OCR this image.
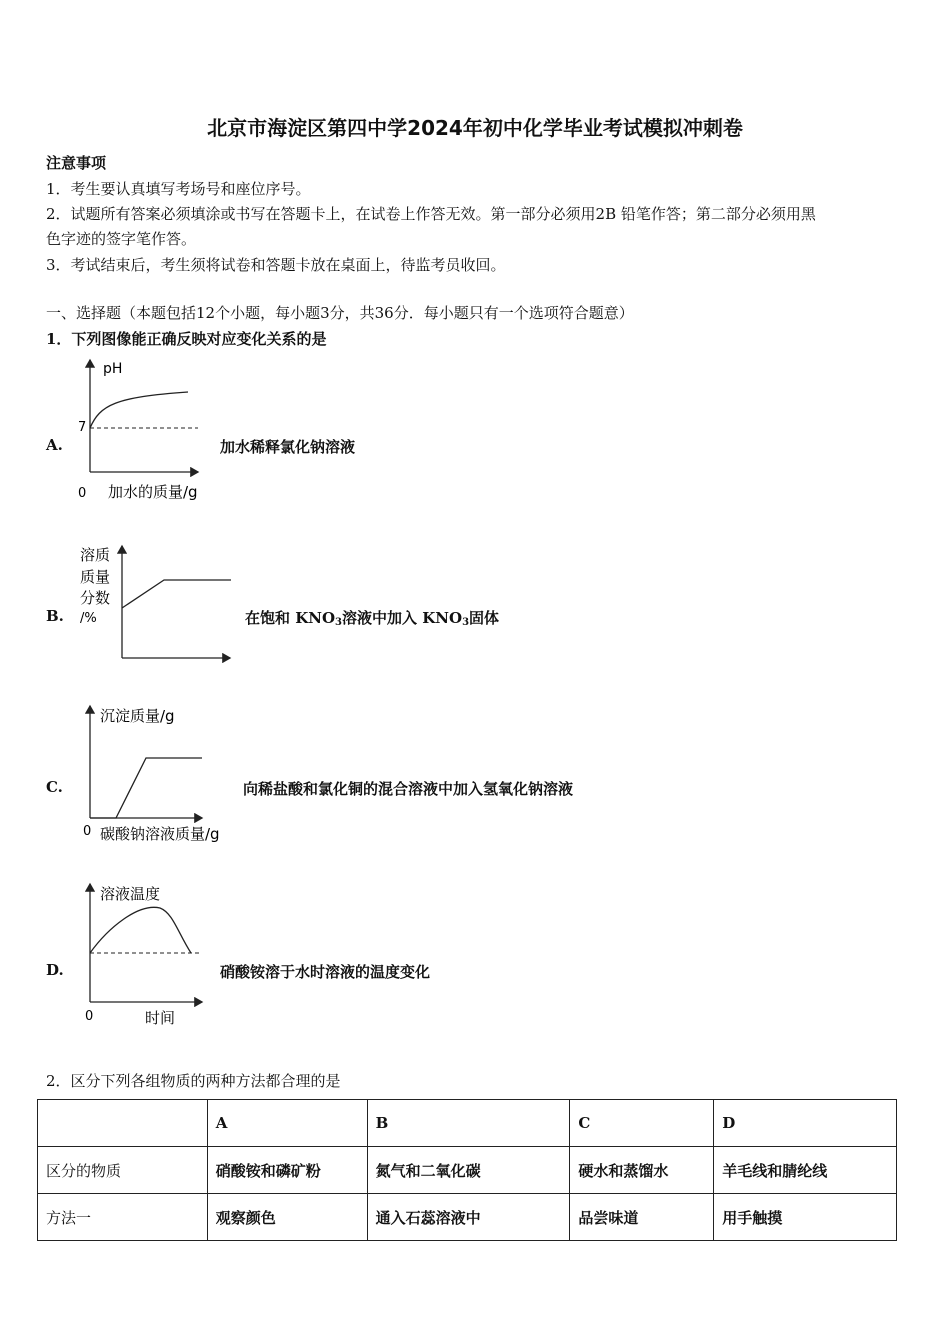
北京市海淀区第四中学2024年初中化学毕业考试模拟冲刺卷
注意事项
1．考生要认真填写考场号和座位序号。
2．试题所有答案必须填涂或书写在答题卡上，在试卷上作答无效。第一部分必须用2B 铅笔作答；第二部分必须用黑
色字迹的签字笔作答。
3．考试结束后，考生须将试卷和答题卡放在桌面上，待监考员收回。
一、选择题（本题包括12个小题，每小题3分，共36分．每小题只有一个选项符合题意）
1．下列图像能正确反映对应变化关系的是
A.
pH
7
0 加水的质量/g
加水稀释氯化钠溶液
B.
溶质
质量
分数
/%	在饱和 $KNO_3$溶液中加入 $KNO_3$固体
C.
沉淀质量/g
0 碳酸钠溶液质量/g
向稀盐酸和氯化铜的混合溶液中加入氢氧化钠溶液
D.
溶液温度
0	时间
硝酸铵溶于水时溶液的温度变化
2．区分下列各组物质的两种方法都合理的是
	A	B	C	D
区分的物质	硝酸铵和磷矿粉	氮气和二氧化碳	硬水和蒸馏水	羊毛线和腈纶线
方法一	观察颜色	通入石蕊溶液中	品尝味道	用手触摸
